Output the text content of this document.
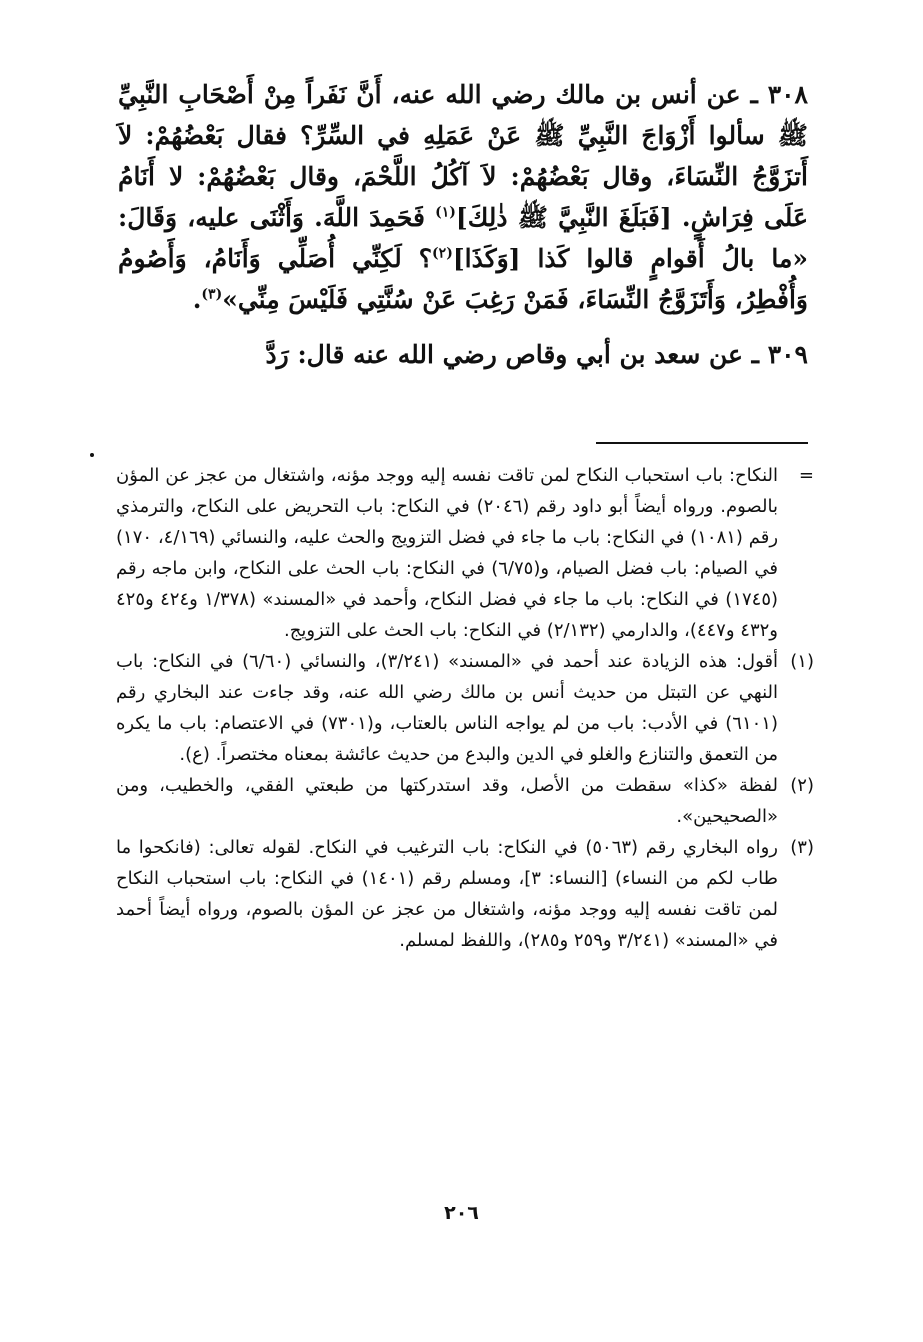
٣٠٨ ـ عن أنس بن مالك رضي الله عنه، أَنَّ نَفَراً مِنْ أَصْحَابِ النَّبِيِّ ﷺ سألوا أَزْوَاجَ النَّبِيِّ ﷺ عَنْ عَمَلِهِ في السِّرِّ؟ فقال بَعْضُهُمْ: لاَ أَتزَوَّجُ النِّسَاءَ، وقال بَعْضُهُمْ: لاَ آكُلُ اللَّحْمَ، وقال بَعْضُهُمْ: لا أَنَامُ عَلَى فِرَاشٍ. [فَبَلَغَ النَّبِيَّ ﷺ ذٰلِكَ]$^{(١)}$ فَحَمِدَ اللَّهَ. وَأَثْنَى عليه، وَقَالَ: «ما بالُ أَقوامٍ قالوا كَذا [وَكَذَا]$^{(٢)}$؟ لَكِنِّي أُصَلِّي وَأَنَامُ، وَأَصُومُ وَأُفْطِرُ، وَأَتَزَوَّجُ النِّسَاءَ، فَمَنْ رَغِبَ عَنْ سُنَّتِي فَلَيْسَ مِنِّي»$^{(٣)}$.

٣٠٩ ـ عن سعد بن أبي وقاص رضي الله عنه قال: رَدَّ

=
النكاح: باب استحباب النكاح لمن تاقت نفسه إليه ووجد مؤنه، واشتغال من عجز عن المؤن بالصوم. ورواه أيضاً أبو داود رقم (٢٠٤٦) في النكاح: باب التحريض على النكاح، والترمذي رقم (١٠٨١) في النكاح: باب ما جاء في فضل التزويج والحث عليه، والنسائي (٤/١٦٩، ١٧٠) في الصيام: باب فضل الصيام، و(٦/٧٥) في النكاح: باب الحث على النكاح، وابن ماجه رقم (١٧٤٥) في النكاح: باب ما جاء في فضل النكاح، وأحمد في «المسند» (١/٣٧٨ و٤٢٤ و٤٢٥ و٤٣٢ و٤٤٧)، والدارمي (٢/١٣٢) في النكاح: باب الحث على التزويج.

(١)
أقول: هذه الزيادة عند أحمد في «المسند» (٣/٢٤١)، والنسائي (٦/٦٠) في النكاح: باب النهي عن التبتل من حديث أنس بن مالك رضي الله عنه، وقد جاءت عند البخاري رقم (٦١٠١) في الأدب: باب من لم يواجه الناس بالعتاب، و(٧٣٠١) في الاعتصام: باب ما يكره من التعمق والتنازع والغلو في الدين والبدع من حديث عائشة بمعناه مختصراً. (ع).

(٢)
لفظة «كذا» سقطت من الأصل، وقد استدركتها من طبعتي الفقي، والخطيب، ومن «الصحيحين».

(٣)
رواه البخاري رقم (٥٠٦٣) في النكاح: باب الترغيب في النكاح. لقوله تعالى: (فانكحوا ما طاب لكم من النساء) [النساء: ٣]، ومسلم رقم (١٤٠١) في النكاح: باب استحباب النكاح لمن تاقت نفسه إليه ووجد مؤنه، واشتغال من عجز عن المؤن بالصوم، ورواه أيضاً أحمد في «المسند» (٣/٢٤١ و٢٥٩ و٢٨٥)، واللفظ لمسلم.

٢٠٦
